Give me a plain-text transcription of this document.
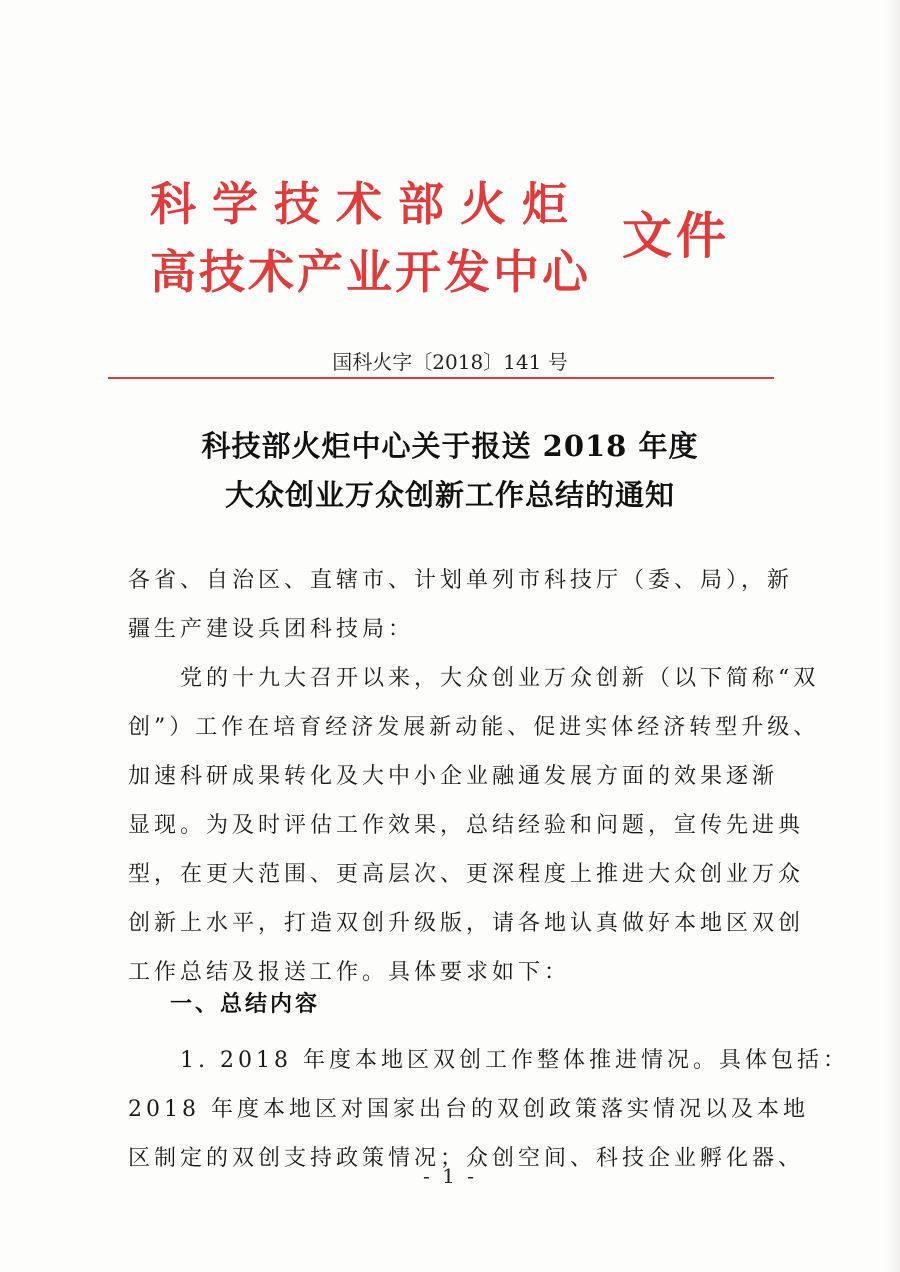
科学技术部火炬
高技术产业开发中心
文件
国科火字〔2018〕141 号
科技部火炬中心关于报送 2018 年度
大众创业万众创新工作总结的通知
各省、自治区、直辖市、计划单列市科技厅（委、局），新
疆生产建设兵团科技局：
　　党的十九大召开以来，大众创业万众创新（以下简称“双
创”）工作在培育经济发展新动能、促进实体经济转型升级、
加速科研成果转化及大中小企业融通发展方面的效果逐渐
显现。为及时评估工作效果，总结经验和问题，宣传先进典
型，在更大范围、更高层次、更深程度上推进大众创业万众
创新上水平，打造双创升级版，请各地认真做好本地区双创
工作总结及报送工作。具体要求如下：
一、总结内容
　　1. 2018 年度本地区双创工作整体推进情况。具体包括：
2018 年度本地区对国家出台的双创政策落实情况以及本地
区制定的双创支持政策情况；众创空间、科技企业孵化器、
- 1 -
